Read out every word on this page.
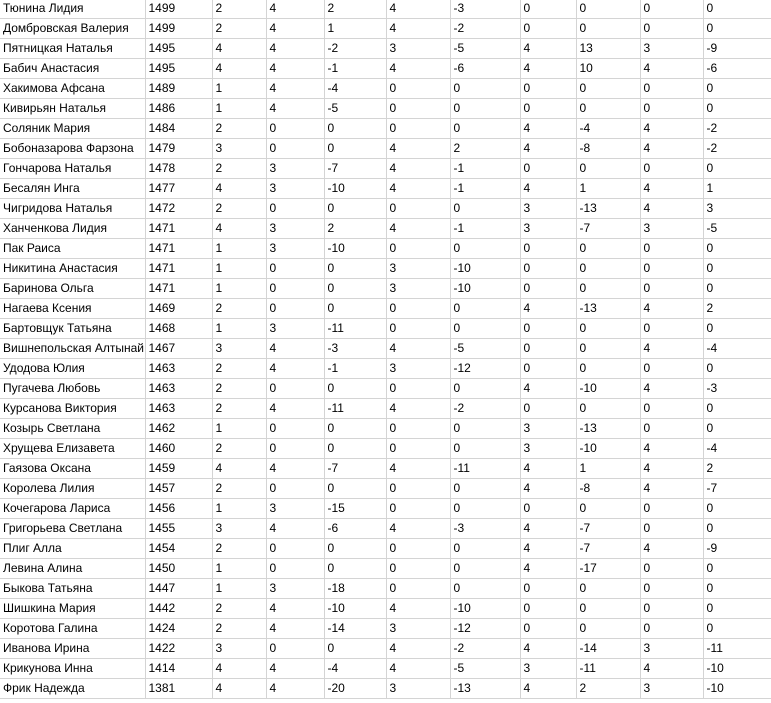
Тюнина Лидия	1499	2	4	2	4	-3	0	0	0	0
Домбровская Валерия	1499	2	4	1	4	-2	0	0	0	0
Пятницкая Наталья	1495	4	4	-2	3	-5	4	13	3	-9
Бабич Анастасия	1495	4	4	-1	4	-6	4	10	4	-6
Хакимова Афсана	1489	1	4	-4	0	0	0	0	0	0
Кивирьян Наталья	1486	1	4	-5	0	0	0	0	0	0
Соляник Мария	1484	2	0	0	0	0	4	-4	4	-2
Бобоназарова Фарзона	1479	3	0	0	4	2	4	-8	4	-2
Гончарова Наталья	1478	2	3	-7	4	-1	0	0	0	0
Бесалян Инга	1477	4	3	-10	4	-1	4	1	4	1
Чигридова Наталья	1472	2	0	0	0	0	3	-13	4	3
Ханченкова Лидия	1471	4	3	2	4	-1	3	-7	3	-5
Пак Раиса	1471	1	3	-10	0	0	0	0	0	0
Никитина Анастасия	1471	1	0	0	3	-10	0	0	0	0
Баринова Ольга	1471	1	0	0	3	-10	0	0	0	0
Нагаева Ксения	1469	2	0	0	0	0	4	-13	4	2
Бартовщук Татьяна	1468	1	3	-11	0	0	0	0	0	0
Вишнепольская Алтынай	1467	3	4	-3	4	-5	0	0	4	-4
Удодова Юлия	1463	2	4	-1	3	-12	0	0	0	0
Пугачева Любовь	1463	2	0	0	0	0	4	-10	4	-3
Курсанова Виктория	1463	2	4	-11	4	-2	0	0	0	0
Козырь Светлана	1462	1	0	0	0	0	3	-13	0	0
Хрущева Елизавета	1460	2	0	0	0	0	3	-10	4	-4
Гаязова Оксана	1459	4	4	-7	4	-11	4	1	4	2
Королева Лилия	1457	2	0	0	0	0	4	-8	4	-7
Кочегарова Лариса	1456	1	3	-15	0	0	0	0	0	0
Григорьева Светлана	1455	3	4	-6	4	-3	4	-7	0	0
Плиг Алла	1454	2	0	0	0	0	4	-7	4	-9
Левина Алина	1450	1	0	0	0	0	4	-17	0	0
Быкова Татьяна	1447	1	3	-18	0	0	0	0	0	0
Шишкина Мария	1442	2	4	-10	4	-10	0	0	0	0
Коротова Галина	1424	2	4	-14	3	-12	0	0	0	0
Иванова Ирина	1422	3	0	0	4	-2	4	-14	3	-11
Крикунова Инна	1414	4	4	-4	4	-5	3	-11	4	-10
Фрик Надежда	1381	4	4	-20	3	-13	4	2	3	-10
